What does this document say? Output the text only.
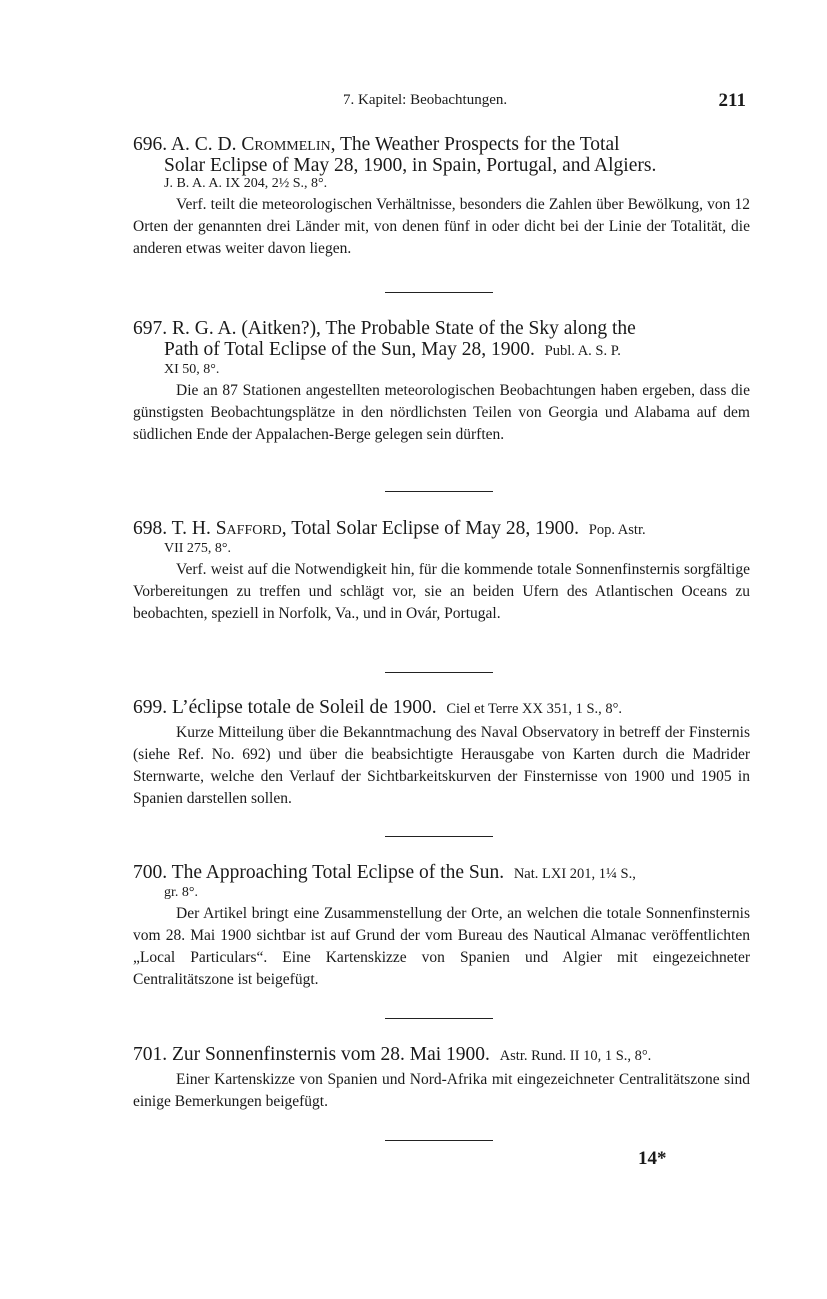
7. Kapitel: Beobachtungen.	211
696. A. C. D. Crommelin, The Weather Prospects for the Total
Solar Eclipse of May 28, 1900, in Spain, Portugal, and Algiers.
J. B. A. A. IX 204, 2½ S., 8°.
Verf. teilt die meteorologischen Verhältnisse, besonders die Zahlen über Bewölkung, von 12 Orten der genannten drei Länder mit, von denen fünf in oder dicht bei der Linie der Totalität, die anderen etwas weiter davon liegen.
697. R. G. A. (Aitken?), The Probable State of the Sky along the
Path of Total Eclipse of the Sun, May 28, 1900. Publ. A. S. P.
XI 50, 8°.
Die an 87 Stationen angestellten meteorologischen Beobachtungen haben ergeben, dass die günstigsten Beobachtungsplätze in den nördlichsten Teilen von Georgia und Alabama auf dem südlichen Ende der Appalachen-Berge gelegen sein dürften.
698. T. H. Safford, Total Solar Eclipse of May 28, 1900. Pop. Astr.
VII 275, 8°.
Verf. weist auf die Notwendigkeit hin, für die kommende totale Sonnenfinsternis sorgfältige Vorbereitungen zu treffen und schlägt vor, sie an beiden Ufern des Atlantischen Oceans zu beobachten, speziell in Norfolk, Va., und in Ovár, Portugal.
699. L’éclipse totale de Soleil de 1900. Ciel et Terre XX 351, 1 S., 8°.
Kurze Mitteilung über die Bekanntmachung des Naval Observatory in betreff der Finsternis (siehe Ref. No. 692) und über die beabsichtigte Herausgabe von Karten durch die Madrider Sternwarte, welche den Verlauf der Sichtbarkeitskurven der Finsternisse von 1900 und 1905 in Spanien darstellen sollen.
700. The Approaching Total Eclipse of the Sun. Nat. LXI 201, 1¼ S.,
gr. 8°.
Der Artikel bringt eine Zusammenstellung der Orte, an welchen die totale Sonnenfinsternis vom 28. Mai 1900 sichtbar ist auf Grund der vom Bureau des Nautical Almanac veröffentlichten „Local Particulars“. Eine Kartenskizze von Spanien und Algier mit eingezeichneter Centralitätszone ist beigefügt.
701. Zur Sonnenfinsternis vom 28. Mai 1900. Astr. Rund. II 10, 1 S., 8°.
Einer Kartenskizze von Spanien und Nord-Afrika mit eingezeichneter Centralitätszone sind einige Bemerkungen beigefügt.
14*
